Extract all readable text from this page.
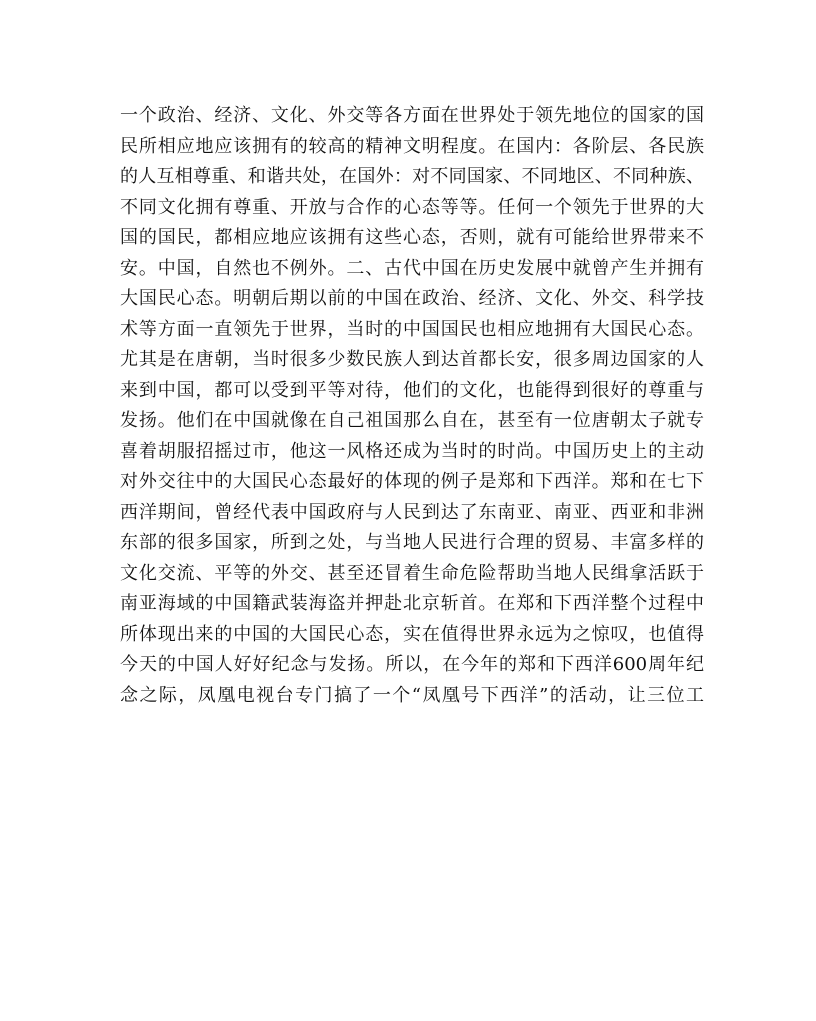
一个政治、经济、文化、外交等各方面在世界处于领先地位的国家的国
民所相应地应该拥有的较高的精神文明程度。在国内：各阶层、各民族
的人互相尊重、和谐共处，在国外：对不同国家、不同地区、不同种族、
不同文化拥有尊重、开放与合作的心态等等。任何一个领先于世界的大
国的国民，都相应地应该拥有这些心态，否则，就有可能给世界带来不
安。中国，自然也不例外。二、古代中国在历史发展中就曾产生并拥有
大国民心态。明朝后期以前的中国在政治、经济、文化、外交、科学技
术等方面一直领先于世界，当时的中国国民也相应地拥有大国民心态。
尤其是在唐朝，当时很多少数民族人到达首都长安，很多周边国家的人
来到中国，都可以受到平等对待，他们的文化，也能得到很好的尊重与
发扬。他们在中国就像在自己祖国那么自在，甚至有一位唐朝太子就专
喜着胡服招摇过市，他这一风格还成为当时的时尚。中国历史上的主动
对外交往中的大国民心态最好的体现的例子是郑和下西洋。郑和在七下
西洋期间，曾经代表中国政府与人民到达了东南亚、南亚、西亚和非洲
东部的很多国家，所到之处，与当地人民进行合理的贸易、丰富多样的
文化交流、平等的外交、甚至还冒着生命危险帮助当地人民缉拿活跃于
南亚海域的中国籍武装海盗并押赴北京斩首。在郑和下西洋整个过程中
所体现出来的中国的大国民心态，实在值得世界永远为之惊叹，也值得
今天的中国人好好纪念与发扬。所以，在今年的郑和下西洋600周年纪
念之际，凤凰电视台专门搞了一个“凤凰号下西洋”的活动，让三位工
